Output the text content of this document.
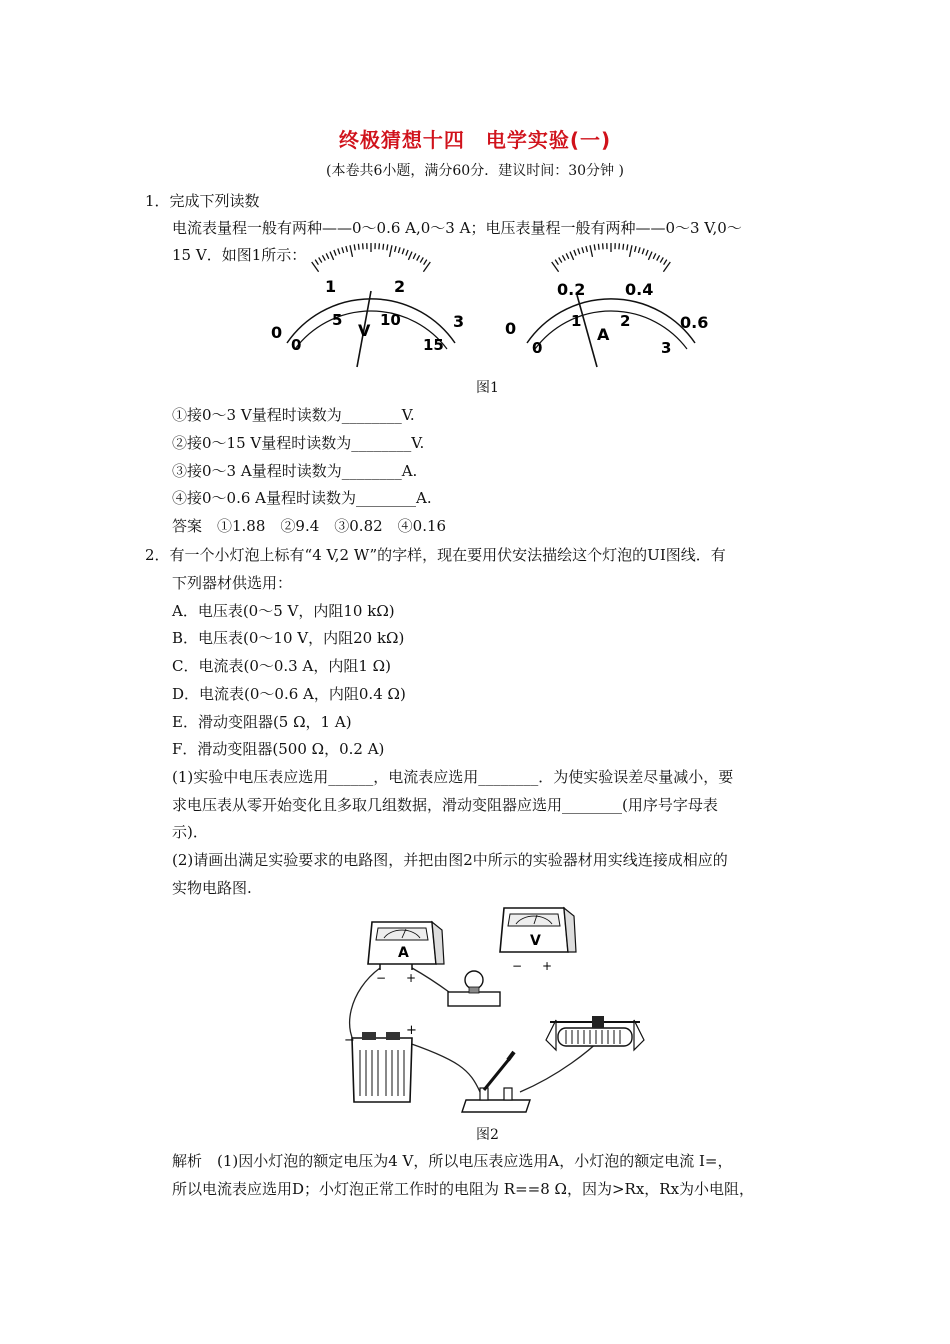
终极猜想十四　电学实验(一)
(本卷共6小题，满分60分．建议时间：30分钟 )
1．完成下列读数
电流表量程一般有两种——0～0.6 A,0～3 A；电压表量程一般有两种——0～3 V,0～
15 V．如图1所示：
0
1	2
3
0
5	10
15
V	0
0.2 0.4
0.6
0
1	2
3
A
图1
①接0～3 V量程时读数为________V.
②接0～15 V量程时读数为________V.
③接0～3 A量程时读数为________A.
④接0～0.6 A量程时读数为________A.
答案　①1.88　②9.4　③0.82　④0.16
2．有一个小灯泡上标有“4 V,2 W”的字样，现在要用伏安法描绘这个灯泡的UI图线．有
下列器材供选用：
A．电压表(0～5 V，内阻10 kΩ)
B．电压表(0～10 V，内阻20 kΩ)
C．电流表(0～0.3 A，内阻1 Ω)
D．电流表(0～0.6 A，内阻0.4 Ω)
E．滑动变阻器(5 Ω，1 A)
F．滑动变阻器(500 Ω，0.2 A)
(1)实验中电压表应选用______，电流表应选用________．为使实验误差尽量减小，要
求电压表从零开始变化且多取几组数据，滑动变阻器应选用________(用序号字母表
示)．
(2)请画出满足实验要求的电路图，并把由图2中所示的实验器材用实线连接成相应的
实物电路图.
A
− +
V
− +
−
+
图2
解析　(1)因小灯泡的额定电压为4 V，所以电压表应选用A，小灯泡的额定电流 I=，
所以电流表应选用D；小灯泡正常工作时的电阻为 R==8 Ω，因为>Rx，Rx为小电阻，
